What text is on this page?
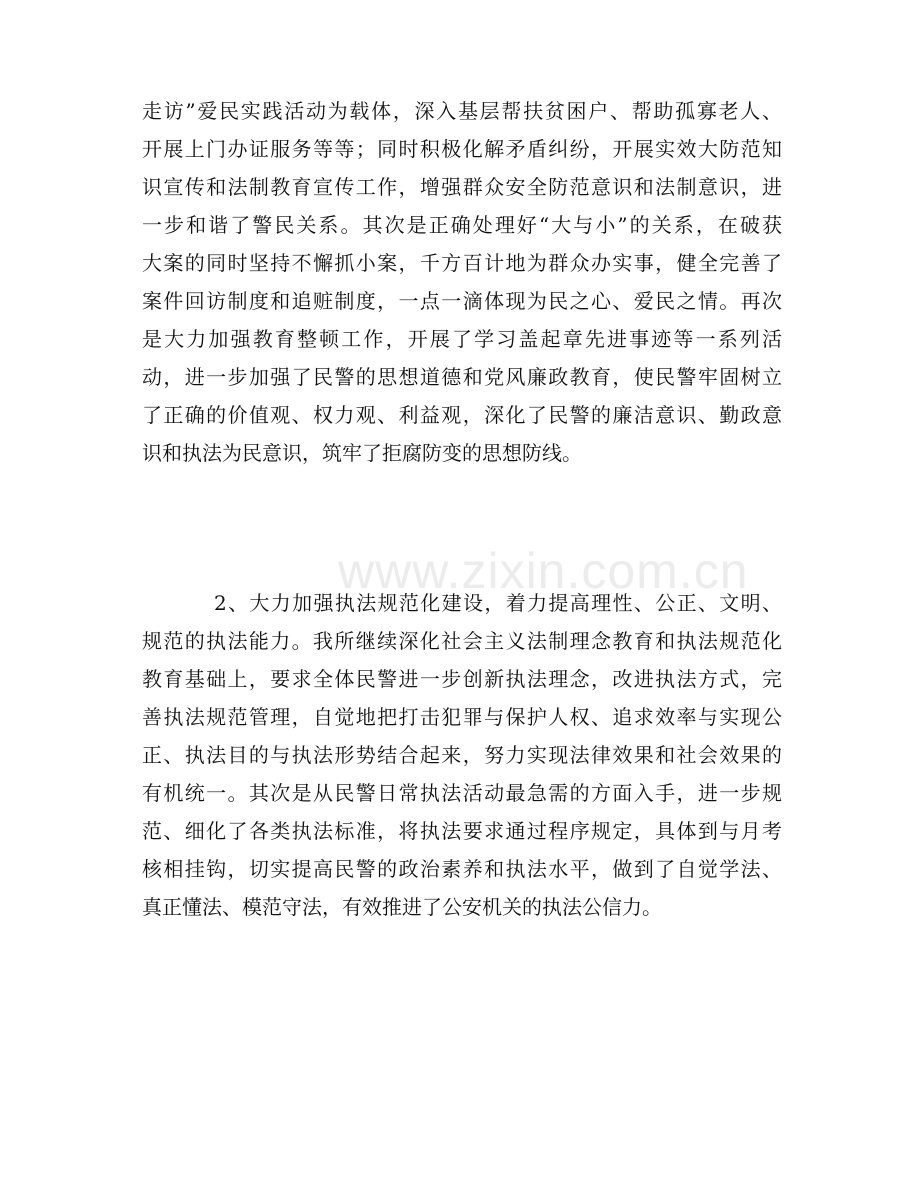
www.zixin.com.cn
走访”爱民实践活动为载体，深入基层帮扶贫困户、帮助孤寡老人、
开展上门办证服务等等；同时积极化解矛盾纠纷，开展实效大防范知
识宣传和法制教育宣传工作，增强群众安全防范意识和法制意识，进
一步和谐了警民关系。其次是正确处理好“大与小”的关系，在破获
大案的同时坚持不懈抓小案，千方百计地为群众办实事，健全完善了
案件回访制度和追赃制度，一点一滴体现为民之心、爱民之情。再次
是大力加强教育整顿工作，开展了学习盖起章先进事迹等一系列活
动，进一步加强了民警的思想道德和党风廉政教育，使民警牢固树立
了正确的价值观、权力观、利益观，深化了民警的廉洁意识、勤政意
识和执法为民意识，筑牢了拒腐防变的思想防线。
2、大力加强执法规范化建设，着力提高理性、公正、文明、
规范的执法能力。我所继续深化社会主义法制理念教育和执法规范化
教育基础上，要求全体民警进一步创新执法理念，改进执法方式，完
善执法规范管理，自觉地把打击犯罪与保护人权、追求效率与实现公
正、执法目的与执法形势结合起来，努力实现法律效果和社会效果的
有机统一。其次是从民警日常执法活动最急需的方面入手，进一步规
范、细化了各类执法标准，将执法要求通过程序规定，具体到与月考
核相挂钩，切实提高民警的政治素养和执法水平，做到了自觉学法、
真正懂法、模范守法，有效推进了公安机关的执法公信力。
